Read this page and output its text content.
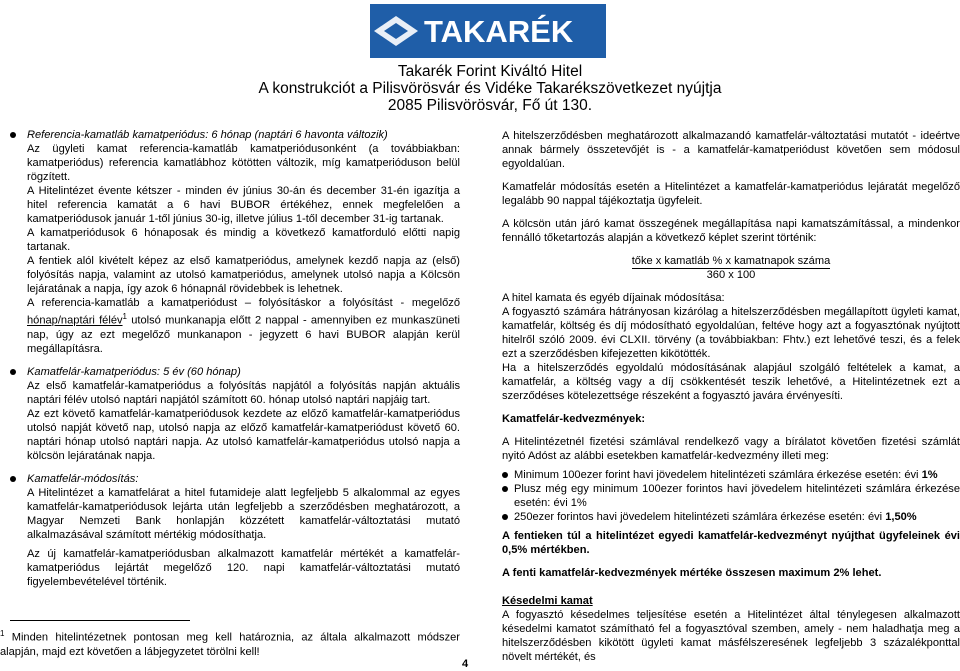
TAKARÉK
Takarék Forint Kiváltó Hitel
A konstrukciót a Pilisvörösvár és Vidéke Takarékszövetkezet nyújtja
2085 Pilisvörösvár, Fő út 130.
Referencia-kamatláb kamatperiódus: 6 hónap (naptári 6 havonta változik)
Az ügyleti kamat referencia-kamatláb kamatperiódusonként (a továbbiakban: kamatperiódus) referencia kamatlábhoz kötötten változik, míg kamatperióduson belül rögzített.
A Hitelintézet évente kétszer - minden év június 30-án és december 31-én igazítja a hitel referencia kamatát a 6 havi BUBOR értékéhez, ennek megfelelően a kamatperiódusok január 1-től június 30-ig, illetve július 1-től december 31-ig tartanak.
A kamatperiódusok 6 hónaposak és mindig a következő kamatforduló előtti napig tartanak.
A fentiek alól kivételt képez az első kamatperiódus, amelynek kezdő napja az (első) folyósítás napja, valamint az utolsó kamatperiódus, amelynek utolsó napja a Kölcsön lejáratának a napja, így azok 6 hónapnál rövidebbek is lehetnek.
A referencia-kamatláb a kamatperiódust – folyósításkor a folyósítást - megelőző hónap/naptári félév$^1$ utolsó munkanapja előtt 2 nappal - amennyiben ez munkaszüneti nap, úgy az ezt megelőző munkanapon - jegyzett 6 havi BUBOR alapján kerül megállapításra.
Kamatfelár-kamatperiódus: 5 év (60 hónap)
Az első kamatfelár-kamatperiódus a folyósítás napjától a folyósítás napján aktuális naptári félév utolsó naptári napjától számított 60. hónap utolsó naptári napjáig tart.
Az ezt követő kamatfelár-kamatperiódusok kezdete az előző kamatfelár-kamatperiódus utolsó napját követő nap, utolsó napja az előző kamatfelár-kamatperiódust követő 60. naptári hónap utolsó naptári napja. Az utolsó kamatfelár-kamatperiódus utolsó napja a kölcsön lejáratának napja.
Kamatfelár-módosítás:
A Hitelintézet a kamatfelárat a hitel futamideje alatt legfeljebb 5 alkalommal az egyes kamatfelár-kamatperiódusok lejárta után legfeljebb a szerződésben meghatározott, a Magyar Nemzeti Bank honlapján közzétett kamatfelár-változtatási mutató alkalmazásával számított mértékig módosíthatja.
Az új kamatfelár-kamatperiódusban alkalmazott kamatfelár mértékét a kamatfelár-kamatperiódus lejártát megelőző 120. napi kamatfelár-változtatási mutató figyelembevételével történik.
$^1$ Minden hitelintézetnek pontosan meg kell határoznia, az általa alkalmazott módszer alapján, majd ezt követően a lábjegyzetet törölni kell!
4
A hitelszerződésben meghatározott alkalmazandó kamatfelár-változtatási mutatót - ideértve annak bármely összetevőjét is - a kamatfelár-kamatperiódust követően sem módosul egyoldalúan.
Kamatfelár módosítás esetén a Hitelintézet a kamatfelár-kamatperiódus lejáratát megelőző legalább 90 nappal tájékoztatja ügyfeleit.
A kölcsön után járó kamat összegének megállapítása napi kamatszámítással, a mindenkor fennálló tőketartozás alapján a következő képlet szerint történik:
tőke x kamatláb % x kamatnapok száma
360 x 100
A hitel kamata és egyéb díjainak módosítása:
A fogyasztó számára hátrányosan kizárólag a hitelszerződésben megállapított ügyleti kamat, kamatfelár, költség és díj módosítható egyoldalúan, feltéve hogy azt a fogyasztónak nyújtott hitelről szóló 2009. évi CLXII. törvény (a továbbiakban: Fhtv.) ezt lehetővé teszi, és a felek ezt a szerződésben kifejezetten kikötötték.
Ha a hitelszerződés egyoldalú módosításának alapjául szolgáló feltételek a kamat, a kamatfelár, a költség vagy a díj csökkentését teszik lehetővé, a Hitelintézetnek ezt a szerződéses kötelezettsége részeként a fogyasztó javára érvényesíti.
Kamatfelár-kedvezmények:
A Hitelintézetnél fizetési számlával rendelkező vagy a bírálatot követően fizetési számlát nyitó Adóst az alábbi esetekben kamatfelár-kedvezmény illeti meg:
Minimum 100ezer forint havi jövedelem hitelintézeti számlára érkezése esetén: évi 1%
Plusz még egy minimum 100ezer forintos havi jövedelem hitelintézeti számlára érkezése esetén: évi 1%
250ezer forintos havi jövedelem hitelintézeti számlára érkezése esetén: évi 1,50%
A fentieken túl a hitelintézet egyedi kamatfelár-kedvezményt nyújthat ügyfeleinek évi 0,5% mértékben.
A fenti kamatfelár-kedvezmények mértéke összesen maximum 2% lehet.
Késedelmi kamat
A fogyasztó késedelmes teljesítése esetén a Hitelintézet által ténylegesen alkalmazott késedelmi kamatot számítható fel a fogyasztóval szemben, amely - nem haladhatja meg a hitelszerződésben kikötött ügyleti kamat másfélszeresének legfeljebb 3 százalékponttal növelt mértékét, és
